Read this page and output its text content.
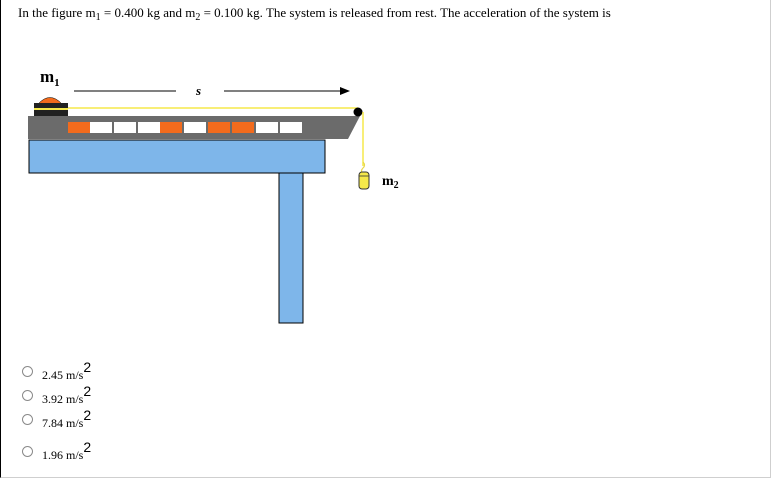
In the figure $m_1 = 0.400$ kg and $m_2 = 0.100$ kg. The system is released from rest. The acceleration of the system is
$m_1$	s
$m_2$
2.45 m/s2
3.92 m/s2
7.84 m/s2
1.96 m/s2
